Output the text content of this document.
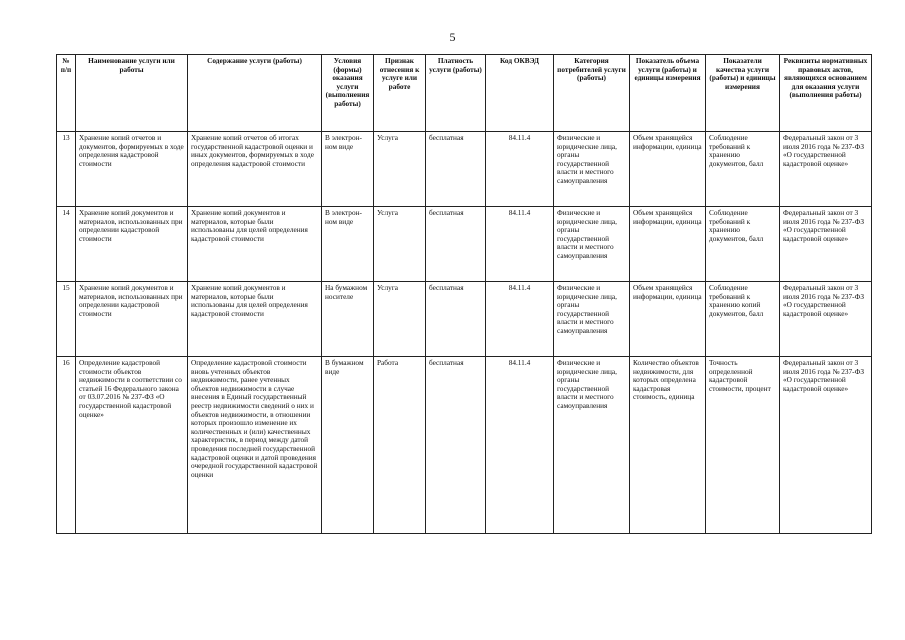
5
№ п/п	Наименование услуги или работы	Содержание услуги (работы)	Условия (формы) оказания услуги (выполнения работы)	Признак отнесения к услуге или работе	Платность услуги (работы)	Код ОКВЭД	Категория потребителей услуги (работы)	Показатель объема услуги (работы) и единицы измерения	Показатели качества услуги (работы) и единицы измерения	Реквизиты нормативных правовых актов, являющихся основанием для оказания услуги (выполнения работы)
13	Хранение копий отчетов и документов, формируемых в ходе определения кадастровой стоимости	Хранение копий отчетов об итогах государственной кадастровой оценки и иных документов, формируемых в ходе определения кадастровой стоимости	В электрон-ном виде	Услуга	бесплатная	84.11.4	Физические и юридические лица, органы государственной власти и местного самоуправления	Объем хранящейся информации, единица	Соблюдение требований к хранению документов, балл	Федеральный закон от 3 июля 2016 года № 237-ФЗ «О государственной кадастровой оценке»
14	Хранение копий документов и материалов, использованных при определении кадастровой стоимости	Хранение копий документов и материалов, которые были использованы для целей определения кадастровой стоимости	В электрон-ном виде	Услуга	бесплатная	84.11.4	Физические и юридические лица, органы государственной власти и местного самоуправления	Объем хранящейся информации, единица	Соблюдение требований к хранению документов, балл	Федеральный закон от 3 июля 2016 года № 237-ФЗ «О государственной кадастровой оценке»
15	Хранение копий документов и материалов, использованных при определении кадастровой стоимости	Хранение копий документов и материалов, которые были использованы для целей определения кадастровой стоимости	На бумажном носителе	Услуга	бесплатная	84.11.4	Физические и юридические лица, органы государственной власти и местного самоуправления	Объем хранящейся информации, единица	Соблюдение требований к хранению копий документов, балл	Федеральный закон от 3 июля 2016 года № 237-ФЗ «О государственной кадастровой оценке»
16	Определение кадастровой стоимости объектов недвижимости в соответствии со статьей 16 Федерального закона от 03.07.2016 № 237-ФЗ «О государственной кадастровой оценке»	Определение кадастровой стоимости вновь учтенных объектов недвижимости, ранее учтенных объектов недвижимости в случае внесения в Единый государственный реестр недвижимости сведений о них и объектов недвижимости, в отношении которых произошло изменение их количественных и (или) качественных характеристик, в период между датой проведения последней государственной кадастровой оценки и датой проведения очередной государственной кадастровой оценки	В бумажном виде	Работа	бесплатная	84.11.4	Физические и юридические лица, органы государственной власти и местного самоуправления	Количество объектов недвижимости, для которых определена кадастровая стоимость, единица	Точность определенной кадастровой стоимости, процент	Федеральный закон от 3 июля 2016 года № 237-ФЗ «О государственной кадастровой оценке»
